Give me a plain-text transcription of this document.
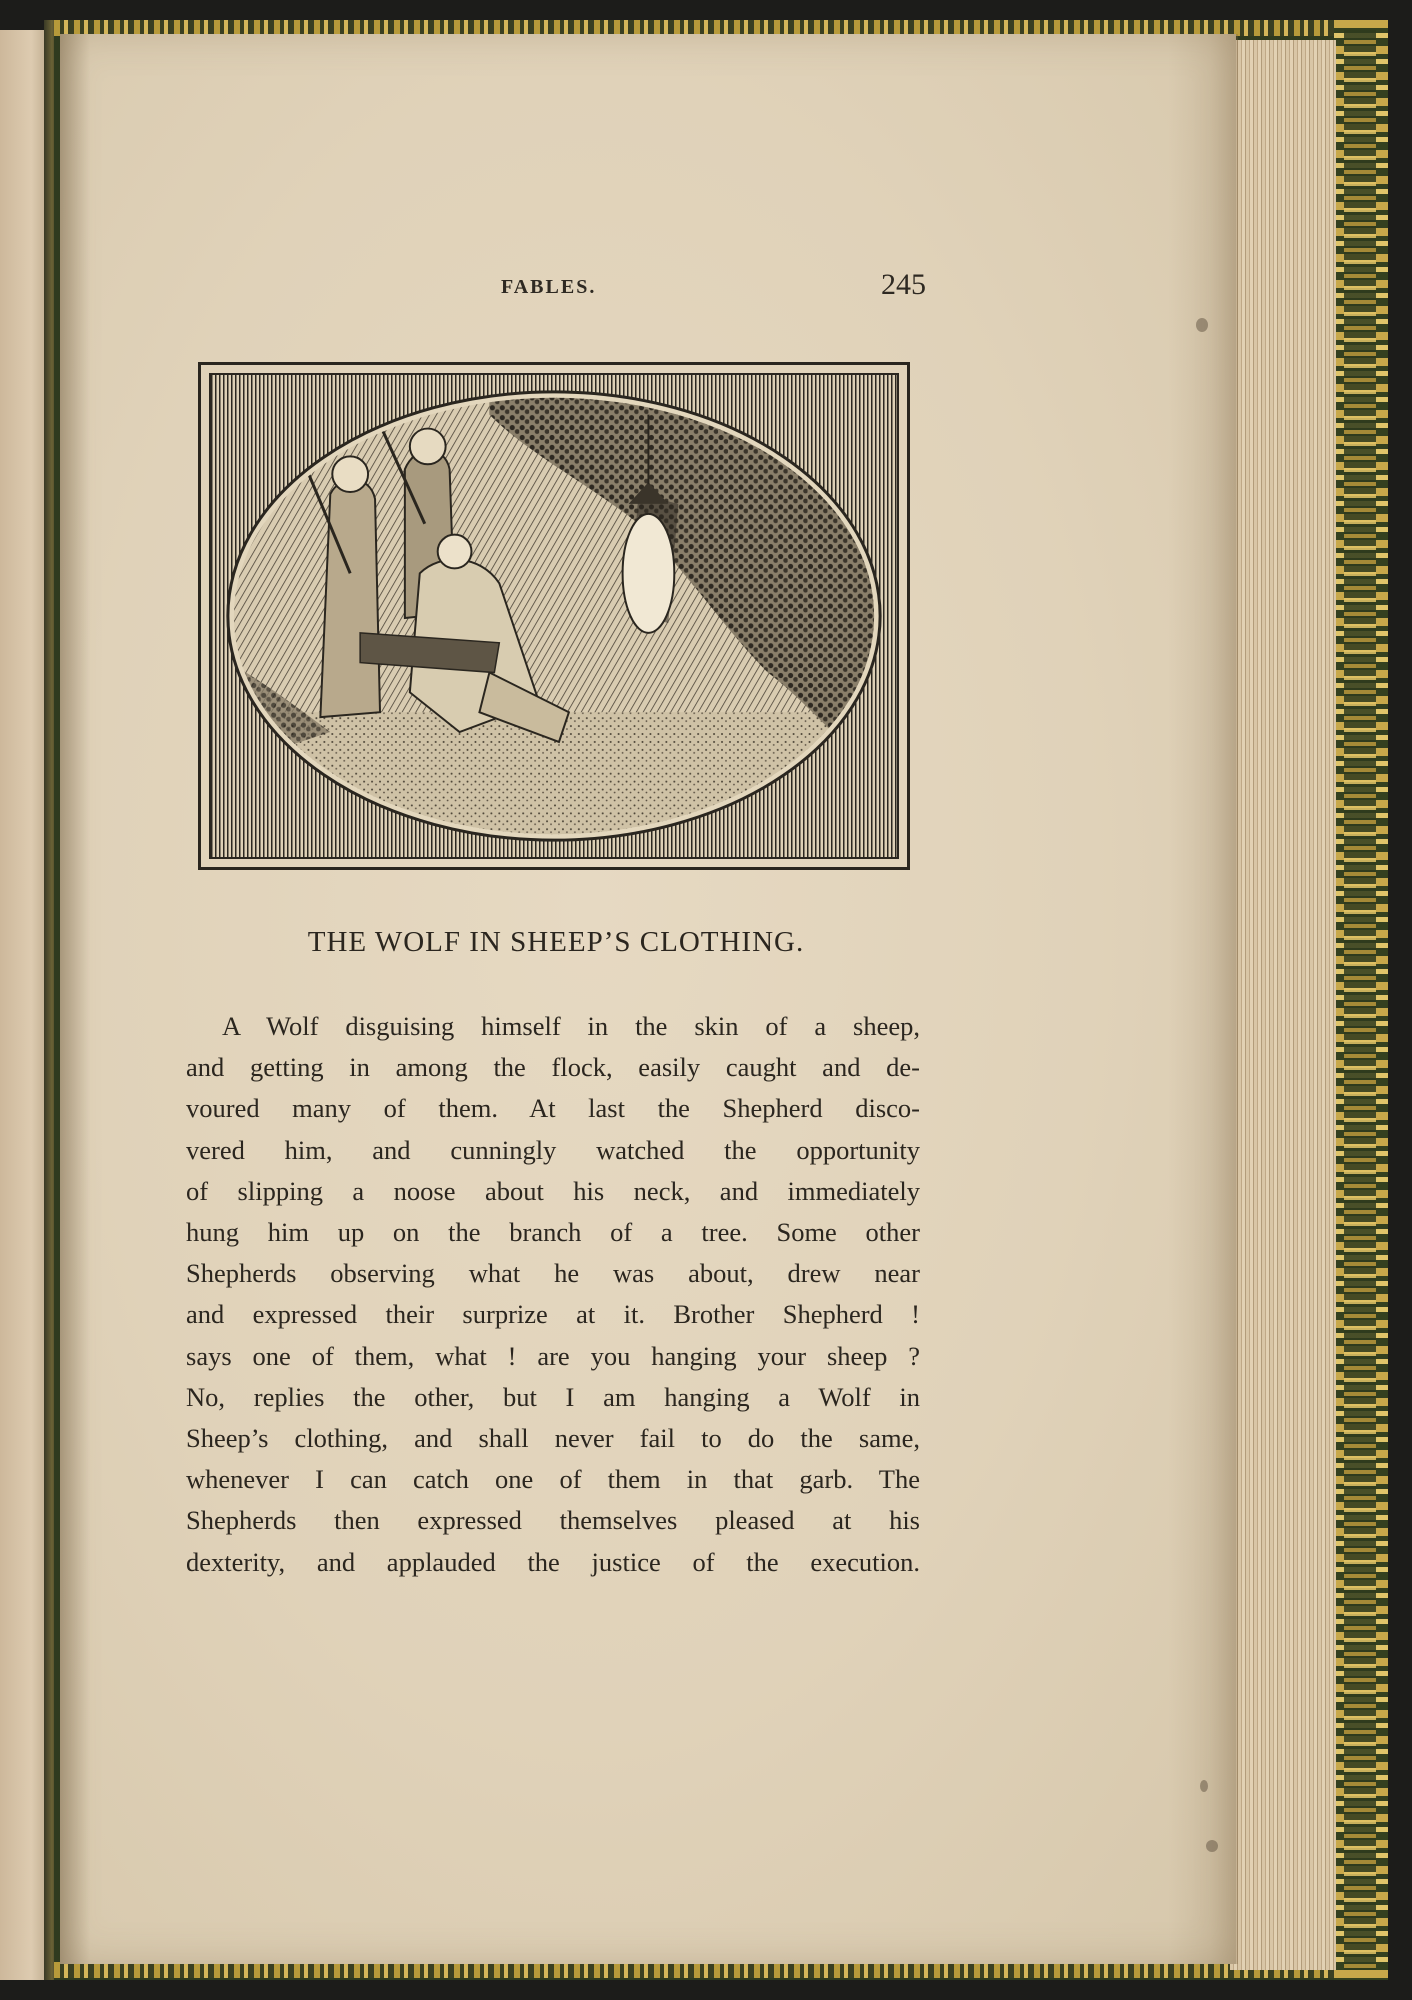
FABLES.	245
THE WOLF IN SHEEP’S CLOTHING.
A Wolf disguising himself in the skin of a sheep,
and getting in among the flock, easily caught and de-
voured many of them. At last the Shepherd disco-
vered him, and cunningly watched the opportunity
of slipping a noose about his neck, and immediately
hung him up on the branch of a tree. Some other
Shepherds observing what he was about, drew near
and expressed their surprize at it. Brother Shepherd !
says one of them, what ! are you hanging your sheep ?
No, replies the other, but I am hanging a Wolf in
Sheep’s clothing, and shall never fail to do the same,
whenever I can catch one of them in that garb. The
Shepherds then expressed themselves pleased at his
dexterity, and applauded the justice of the execution.
